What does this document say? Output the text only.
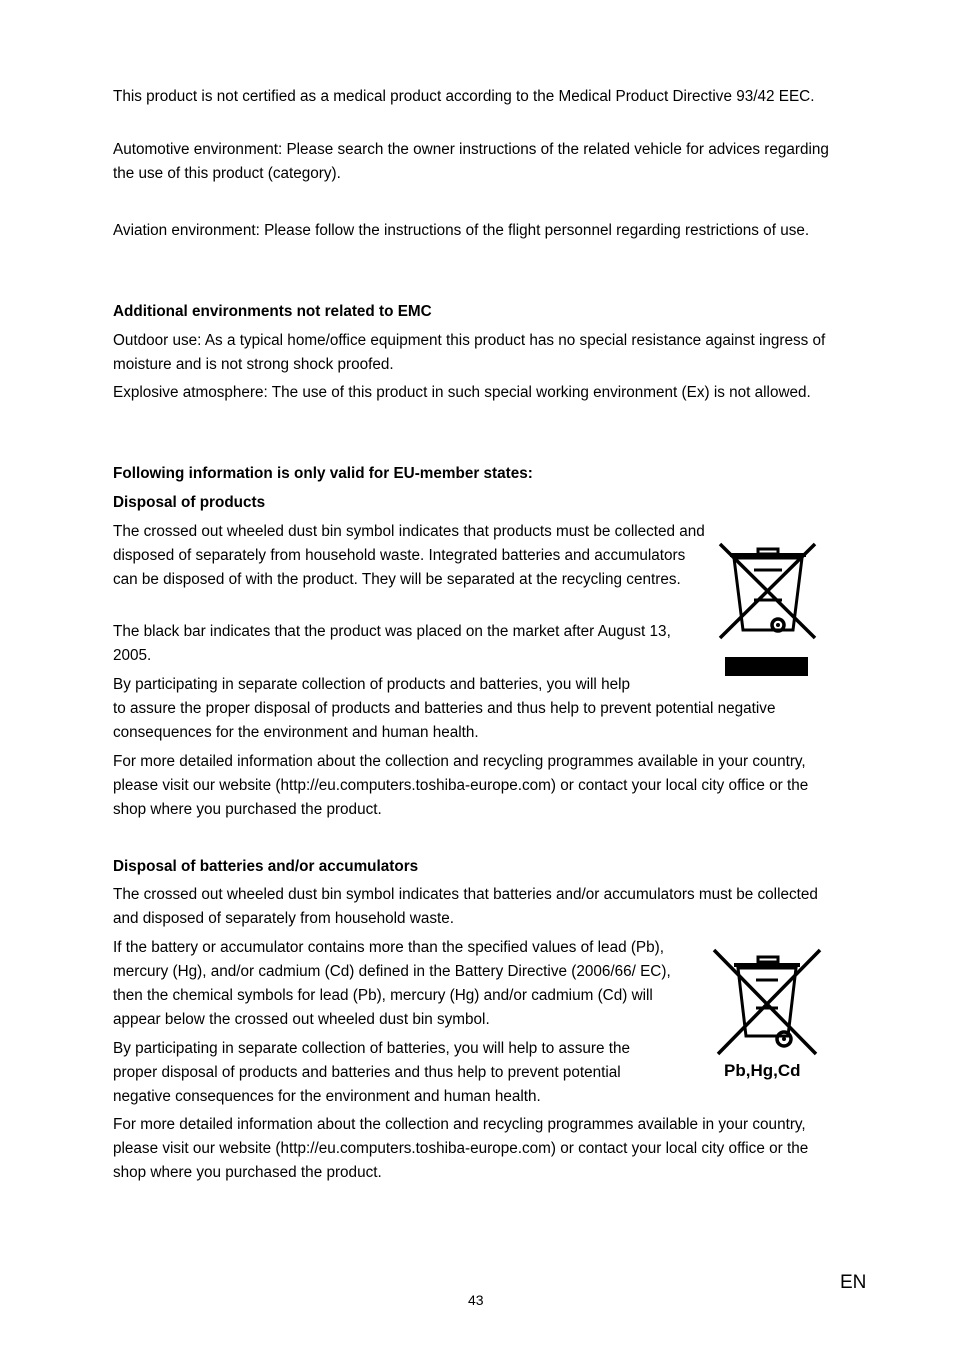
This product is not certified as a medical product according to the Medical Product Directive 93/42 EEC.

Automotive environment: Please search the owner instructions of the related vehicle for advices regarding the use of this product (category).

Aviation environment: Please follow the instructions of the flight personnel regarding restrictions of use.

Additional environments not related to EMC

Outdoor use: As a typical home/office equipment this product has no special resistance against ingress of moisture and is not strong shock proofed.

Explosive atmosphere: The use of this product in such special working environment (Ex) is not allowed.

Following information is only valid for EU-member states:

Disposal of products

The crossed out wheeled dust bin symbol indicates that products must be collected and disposed of separately from household waste. Integrated batteries and accumulators can be disposed of with the product. They will be separated at the recycling centres.

The black bar indicates that the product was placed on the market after August 13, 2005.

By participating in separate collection of products and batteries, you will help

to assure the proper disposal of products and batteries and thus help to prevent potential negative consequences for the environment and human health.

For more detailed information about the collection and recycling programmes available in your country, please visit our website (http://eu.computers.toshiba-europe.com) or contact your local city office or the shop where you purchased the product.

Disposal of batteries and/or accumulators

The crossed out wheeled dust bin symbol indicates that batteries and/or accumulators must be collected and disposed of separately from household waste.

If the battery or accumulator contains more than the specified values of lead (Pb), mercury (Hg), and/or cadmium (Cd) defined in the Battery Directive (2006/66/ EC), then the chemical symbols for lead (Pb), mercury (Hg) and/or cadmium (Cd) will appear below the crossed out wheeled dust bin symbol.

By participating in separate collection of batteries, you will help to assure the proper disposal of products and batteries and thus help to prevent potential negative consequences for the environment and human health.

For more detailed information about the collection and recycling programmes available in your country, please visit our website (http://eu.computers.toshiba-europe.com) or contact your local city office or the shop where you purchased the product.

Pb,Hg,Cd
43
EN
